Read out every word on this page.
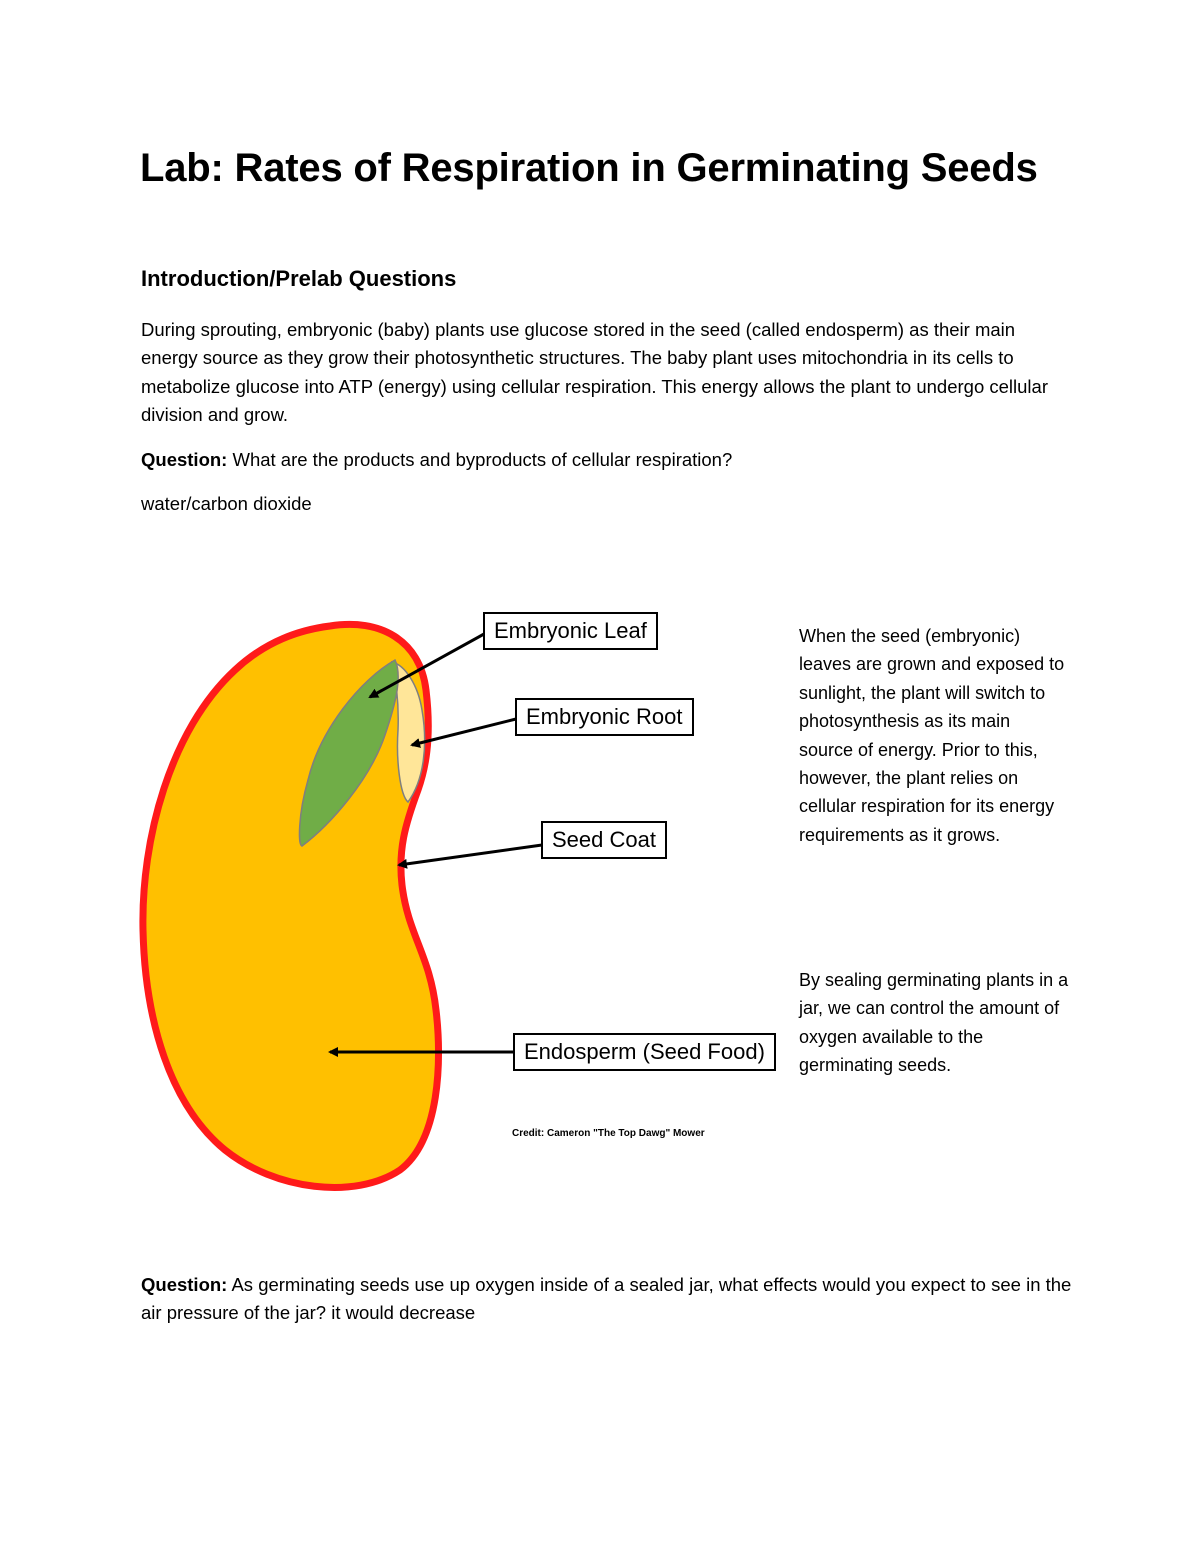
Lab: Rates of Respiration in Germinating Seeds
Introduction/Prelab Questions
During sprouting, embryonic (baby) plants use glucose stored in the seed (called endosperm) as their main energy source as they grow their photosynthetic structures. The baby plant uses mitochondria in its cells to metabolize glucose into ATP (energy) using cellular respiration. This energy allows the plant to undergo cellular division and grow.
Question: What are the products and byproducts of cellular respiration?
water/carbon dioxide
Embryonic Leaf
Embryonic Root
Seed Coat
Endosperm (Seed Food)
Credit: Cameron "The Top Dawg" Mower
When the seed (embryonic) leaves are grown and exposed to sunlight, the plant will switch to photosynthesis as its main source of energy. Prior to this, however, the plant relies on cellular respiration for its energy requirements as it grows.
By sealing germinating plants in a jar, we can control the amount of oxygen available to the germinating seeds.
Question: As germinating seeds use up oxygen inside of a sealed jar, what effects would you expect to see in the air pressure of the jar? it would decrease
